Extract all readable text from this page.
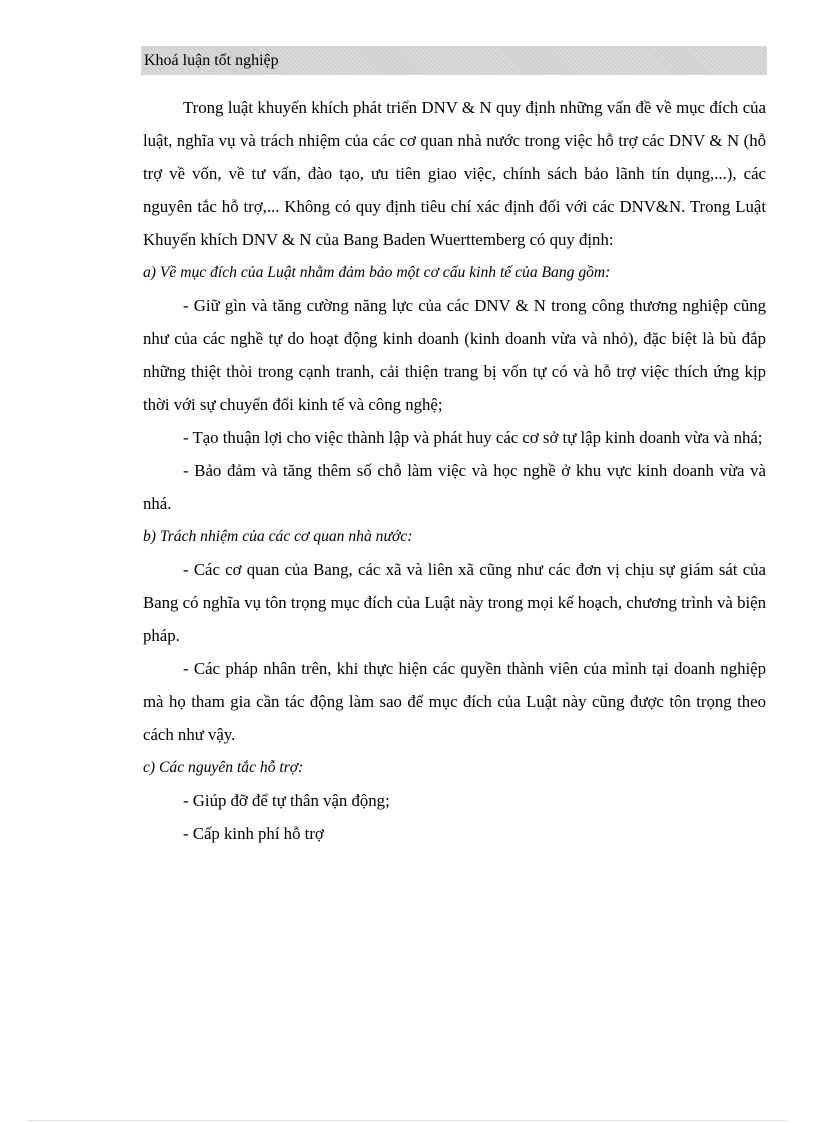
Khoá luận tốt nghiệp

Trong luật khuyến khích phát triển DNV & N quy định những vấn đề về mục đích của luật, nghĩa vụ và trách nhiệm của các cơ quan nhà nước trong việc hỗ trợ các DNV & N (hỗ trợ về vốn, về tư vấn, đào tạo, ưu tiên giao việc, chính sách bảo lãnh tín dụng,...), các nguyên tắc hỗ trợ,... Không có quy định tiêu chí xác định đối với các DNV&N. Trong Luật Khuyến khích DNV & N của Bang Baden Wuerttemberg có quy định:

a) Về mục đích của Luật nhằm đảm bảo một cơ cấu kinh tế của Bang gồm:

- Giữ gìn và tăng cường năng lực của các DNV & N trong công thương nghiệp cũng như của các nghề tự do hoạt động kinh doanh (kinh doanh vừa và nhỏ), đặc biệt là bù đắp những thiệt thòi trong cạnh tranh, cải thiện trang bị vốn tự có và hỗ trợ việc thích ứng kịp thời với sự chuyển đổi kinh tế và công nghệ;

- Tạo thuận lợi cho việc thành lập và phát huy các cơ sở tự lập kinh doanh vừa và nhá;

- Bảo đảm và tăng thêm số chỗ làm việc và học nghề ở khu vực kinh doanh vừa và nhá.

b) Trách nhiệm của các cơ quan nhà nước:

- Các cơ quan của Bang, các xã và liên xã cũng như các đơn vị chịu sự giám sát của Bang có nghĩa vụ tôn trọng mục đích của Luật này trong mọi kế hoạch, chương trình và biện pháp.

- Các pháp nhân trên, khi thực hiện các quyền thành viên của mình tại doanh nghiệp mà họ tham gia cần tác động làm sao để mục đích của Luật này cũng được tôn trọng theo cách như vậy.

c) Các nguyên tắc hỗ trợ:

- Giúp đỡ để tự thân vận động;

- Cấp kinh phí hỗ trợ
